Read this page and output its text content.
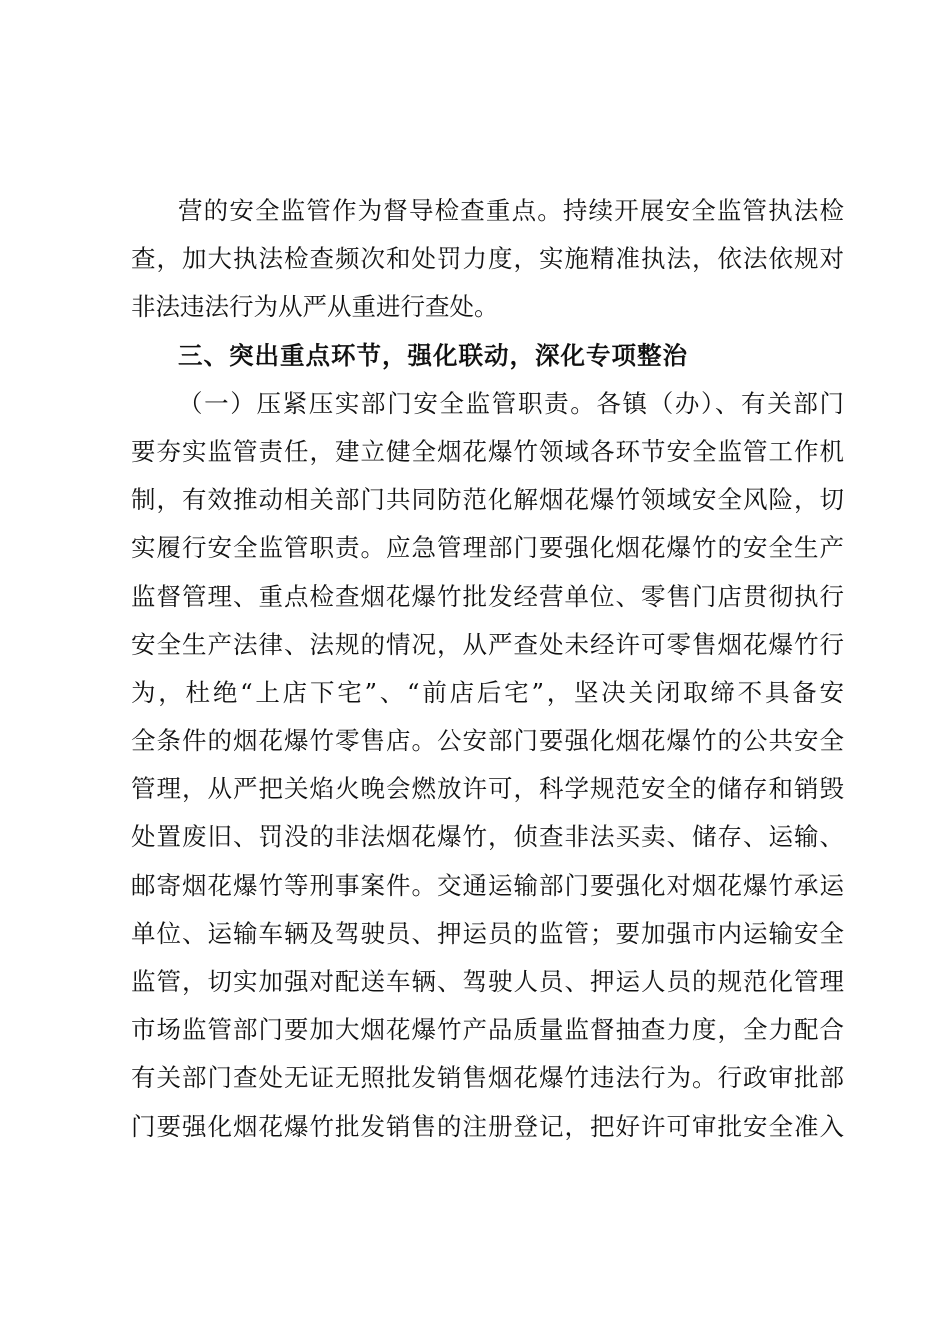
营的安全监管作为督导检查重点。持续开展安全监管执法检
查，加大执法检查频次和处罚力度，实施精准执法，依法依规对
非法违法行为从严从重进行查处。
三、突出重点环节，强化联动，深化专项整治
（一）压紧压实部门安全监管职责。各镇（办）、有关部门
要夯实监管责任，建立健全烟花爆竹领域各环节安全监管工作机
制，有效推动相关部门共同防范化解烟花爆竹领域安全风险，切
实履行安全监管职责。应急管理部门要强化烟花爆竹的安全生产
监督管理、重点检查烟花爆竹批发经营单位、零售门店贯彻执行
安全生产法律、法规的情况，从严查处未经许可零售烟花爆竹行
为，杜绝“上店下宅”、“前店后宅”，坚决关闭取缔不具备安
全条件的烟花爆竹零售店。公安部门要强化烟花爆竹的公共安全
管理，从严把关焰火晚会燃放许可，科学规范安全的储存和销毁
处置废旧、罚没的非法烟花爆竹，侦查非法买卖、储存、运输、
邮寄烟花爆竹等刑事案件。交通运输部门要强化对烟花爆竹承运
单位、运输车辆及驾驶员、押运员的监管；要加强市内运输安全
监管，切实加强对配送车辆、驾驶人员、押运人员的规范化管理
市场监管部门要加大烟花爆竹产品质量监督抽查力度，全力配合
有关部门查处无证无照批发销售烟花爆竹违法行为。行政审批部
门要强化烟花爆竹批发销售的注册登记，把好许可审批安全准入
